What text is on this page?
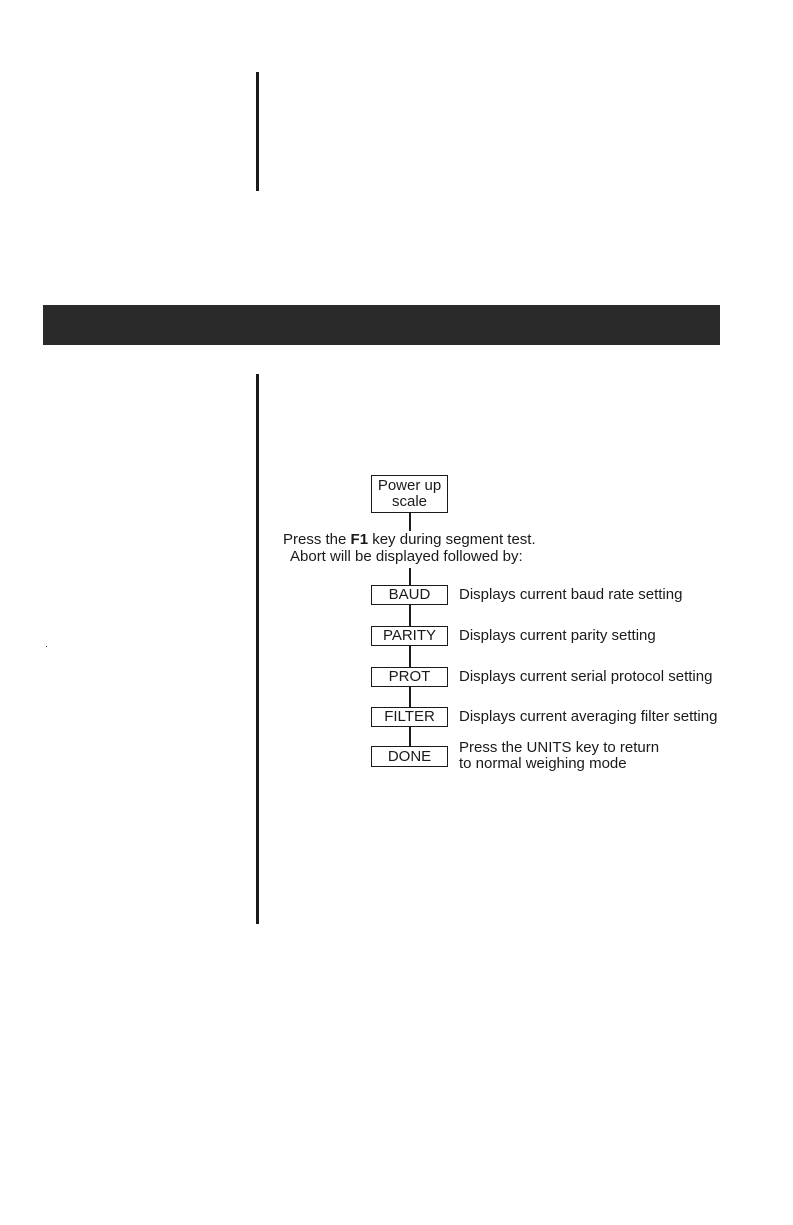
Power up
scale
Press the F1 key during segment test.
Abort will be displayed followed by:
BAUD Displays current baud rate setting
PARITY Displays current parity setting
PROT Displays current serial protocol setting
FILTER Displays current averaging filter setting
DONE Press the UNITS key to return
to normal weighing mode
